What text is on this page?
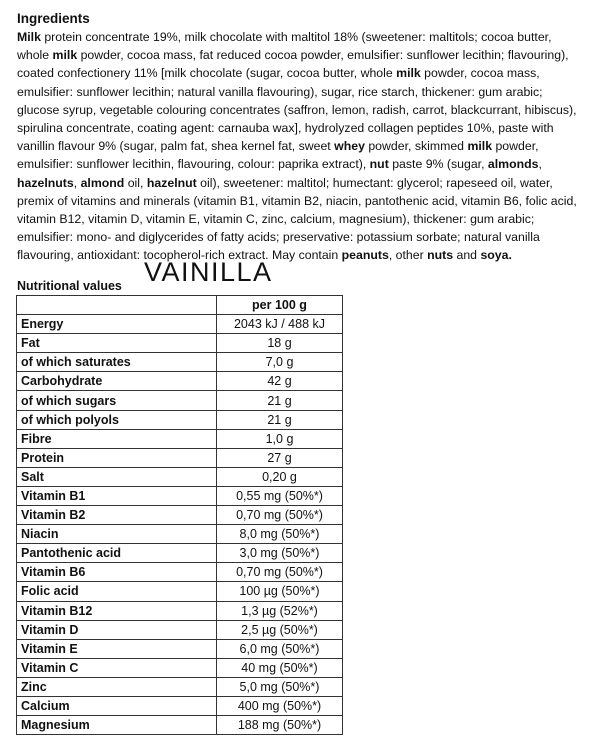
Ingredients
Milk protein concentrate 19%, milk chocolate with maltitol 18% (sweetener: maltitols; cocoa butter, whole milk powder, cocoa mass, fat reduced cocoa powder, emulsifier: sunflower lecithin; flavouring), coated confectionery 11% [milk chocolate (sugar, cocoa butter, whole milk powder, cocoa mass, emulsifier: sunflower lecithin; natural vanilla flavouring), sugar, rice starch, thickener: gum arabic; glucose syrup, vegetable colouring concentrates (saffron, lemon, radish, carrot, blackcurrant, hibiscus), spirulina concentrate, coating agent: carnauba wax], hydrolyzed collagen peptides 10%, paste with vanillin flavour 9% (sugar, palm fat, shea kernel fat, sweet whey powder, skimmed milk powder, emulsifier: sunflower lecithin, flavouring, colour: paprika extract), nut paste 9% (sugar, almonds, hazelnuts, almond oil, hazelnut oil), sweetener: maltitol; humectant: glycerol; rapeseed oil, water, premix of vitamins and minerals (vitamin B1, vitamin B2, niacin, pantothenic acid, vitamin B6, folic acid, vitamin B12, vitamin D, vitamin E, vitamin C, zinc, calcium, magnesium), thickener: gum arabic; emulsifier: mono- and diglycerides of fatty acids; preservative: potassium sorbate; natural vanilla flavouring, antioxidant: tocopherol-rich extract. May contain peanuts, other nuts and soya.
VAINILLA
Nutritional values
	per 100 g
Energy	2043 kJ / 488 kJ
Fat	18 g
of which saturates	7,0 g
Carbohydrate	42 g
of which sugars	21 g
of which polyols	21 g
Fibre	1,0 g
Protein	27 g
Salt	0,20 g
Vitamin B1	0,55 mg (50%*)
Vitamin B2	0,70 mg (50%*)
Niacin	8,0 mg (50%*)
Pantothenic acid	3,0 mg (50%*)
Vitamin B6	0,70 mg (50%*)
Folic acid	100 µg (50%*)
Vitamin B12	1,3 µg (52%*)
Vitamin D	2,5 µg (50%*)
Vitamin E	6,0 mg (50%*)
Vitamin C	40 mg (50%*)
Zinc	5,0 mg (50%*)
Calcium	400 mg (50%*)
Magnesium	188 mg (50%*)
